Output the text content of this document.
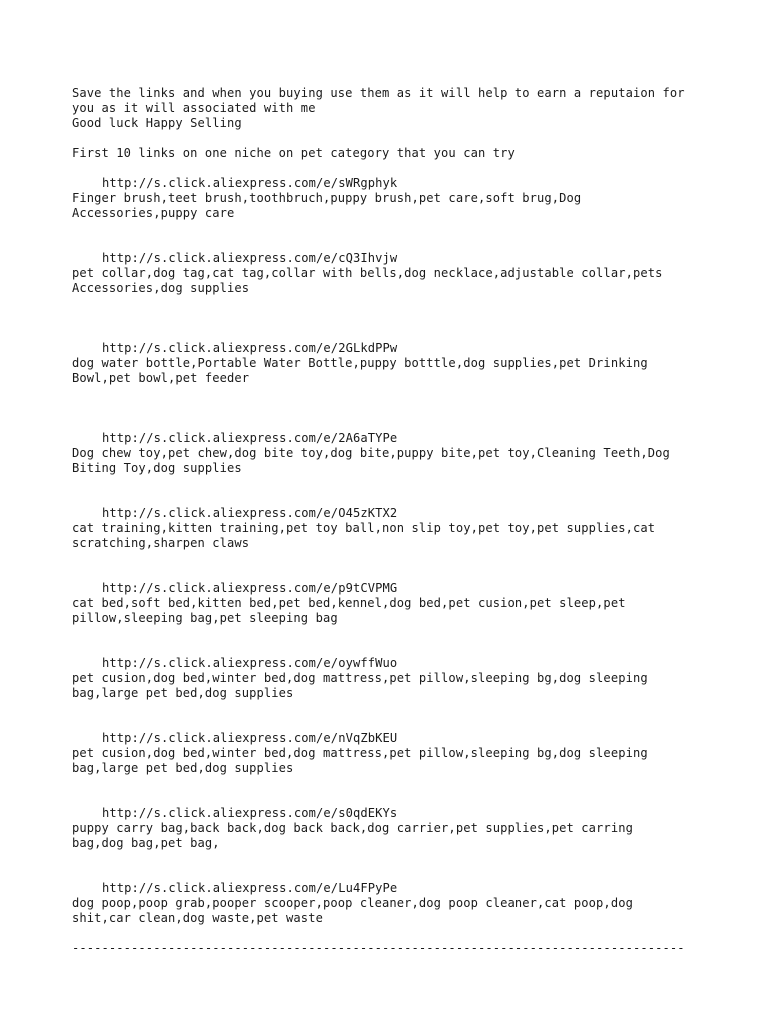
Save the links and when you buying use them as it will help to earn a reputaion for
you as it will associated with me
Good luck Happy Selling
First 10 links on one niche on pet category that you can try
http://s.click.aliexpress.com/e/sWRgphyk
Finger brush,teet brush,toothbruch,puppy brush,pet care,soft brug,Dog
Accessories,puppy care
http://s.click.aliexpress.com/e/cQ3Ihvjw
pet collar,dog tag,cat tag,collar with bells,dog necklace,adjustable collar,pets
Accessories,dog supplies
http://s.click.aliexpress.com/e/2GLkdPPw
dog water bottle,Portable Water Bottle,puppy botttle,dog supplies,pet Drinking
Bowl,pet bowl,pet feeder
http://s.click.aliexpress.com/e/2A6aTYPe
Dog chew toy,pet chew,dog bite toy,dog bite,puppy bite,pet toy,Cleaning Teeth,Dog
Biting Toy,dog supplies
http://s.click.aliexpress.com/e/O45zKTX2
cat training,kitten training,pet toy ball,non slip toy,pet toy,pet supplies,cat
scratching,sharpen claws
http://s.click.aliexpress.com/e/p9tCVPMG
cat bed,soft bed,kitten bed,pet bed,kennel,dog bed,pet cusion,pet sleep,pet
pillow,sleeping bag,pet sleeping bag
http://s.click.aliexpress.com/e/oywffWuo
pet cusion,dog bed,winter bed,dog mattress,pet pillow,sleeping bg,dog sleeping
bag,large pet bed,dog supplies
http://s.click.aliexpress.com/e/nVqZbKEU
pet cusion,dog bed,winter bed,dog mattress,pet pillow,sleeping bg,dog sleeping
bag,large pet bed,dog supplies
http://s.click.aliexpress.com/e/s0qdEKYs
puppy carry bag,back back,dog back back,dog carrier,pet supplies,pet carring
bag,dog bag,pet bag,
http://s.click.aliexpress.com/e/Lu4FPyPe
dog poop,poop grab,pooper scooper,poop cleaner,dog poop cleaner,cat poop,dog
shit,car clean,dog waste,pet waste
-----------------------------------------------------------------------------------
